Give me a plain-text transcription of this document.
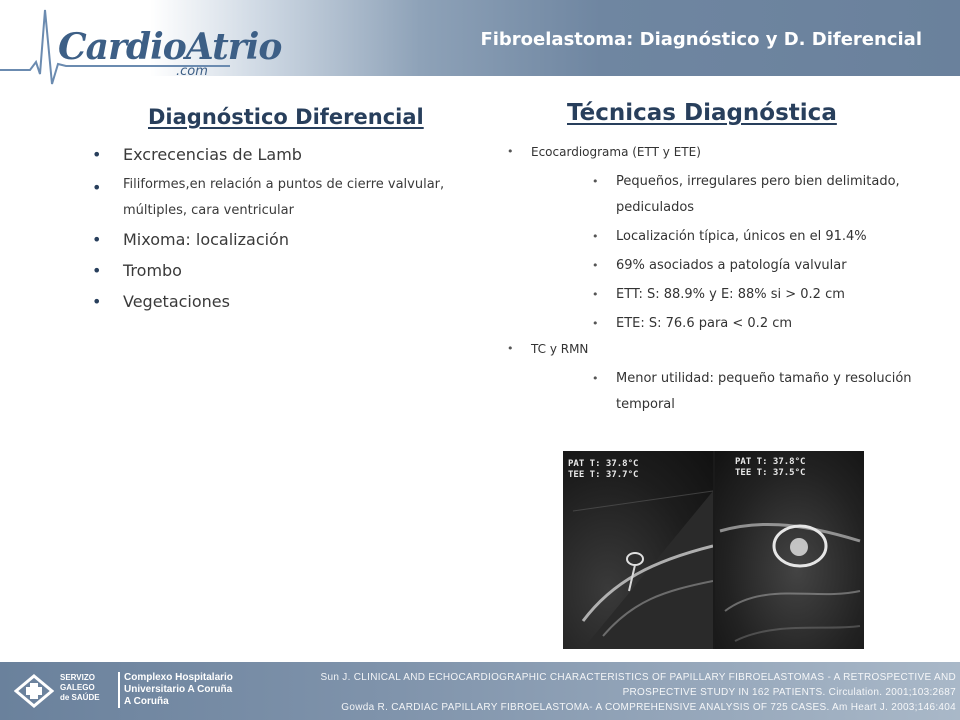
CardioAtrio
.com
Fibroelastoma: Diagnóstico y D. Diferencial
Diagnóstico Diferencial
• Excrecencias de Lamb
• Filiformes,en relación a puntos de cierre valvular, múltiples, cara ventricular
• Mixoma: localización
• Trombo
• Vegetaciones
Técnicas Diagnóstica
• Ecocardiograma (ETT y ETE)
• Pequeños, irregulares pero bien delimitado, pediculados
• Localización típica, únicos en el 91.4%
• 69% asociados a patología valvular
• ETT: S: 88.9% y E: 88% si > 0.2 cm
• ETE: S: 76.6 para < 0.2 cm
• TC y RMN
• Menor utilidad: pequeño tamaño y resolución temporal
PAT T: 37.8°C
TEE T: 37.7°C
PAT T: 37.8°C
TEE T: 37.5°C
SERVIZO
GALEGO
de SAÚDE
Complexo Hospitalario
Universitario A Coruña
A Coruña
Sun J. CLINICAL AND ECHOCARDIOGRAPHIC CHARACTERISTICS OF PAPILLARY FIBROELASTOMAS - A RETROSPECTIVE AND
PROSPECTIVE STUDY IN 162 PATIENTS. Circulation. 2001;103:2687
Gowda R. CARDIAC PAPILLARY FIBROELASTOMA- A COMPREHENSIVE ANALYSIS OF 725 CASES. Am Heart J. 2003;146:404
